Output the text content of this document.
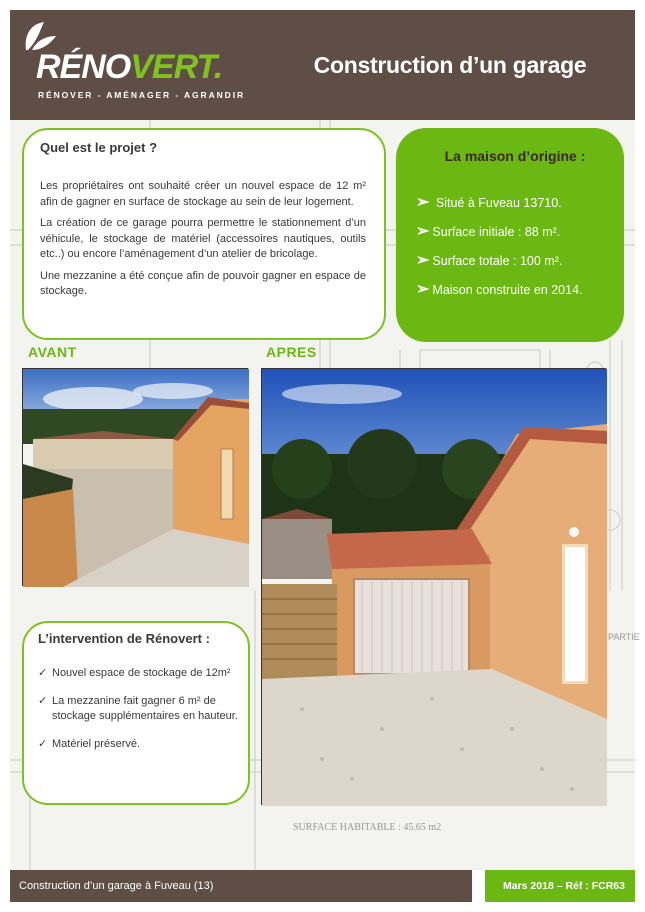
SURFACE HABITABLE : 45.65 m2
PARTIE
RÉNOVERT.
RÉNOVER - AMÉNAGER - AGRANDIR
Construction d’un garage
Quel est le projet ?

Les propriétaires ont souhaité créer un nouvel espace de 12 m² afin de gagner en surface de stockage au sein de leur logement.

La création de ce garage pourra permettre le stationnement d’un véhicule, le stockage de matériel (accessoires nautiques, outils etc..) ou encore l’aménagement d’un atelier de bricolage.

Une mezzanine a été conçue afin de pouvoir gagner en espace de stockage.

La maison d’origine :
➢ Situé à Fuveau 13710.
➢ Surface initiale : 88 m².
➢ Surface totale : 100 m².
➢ Maison construite en 2014.
AVANT	APRES
L’intervention de Rénovert :
✓ Nouvel espace de stockage de 12m²
✓ La mezzanine fait gagner 6 m² de stockage supplémentaires en hauteur.
✓ Matériel préservé.
Construction d’un garage à Fuveau (13)	Mars 2018 – Réf : FCR63
